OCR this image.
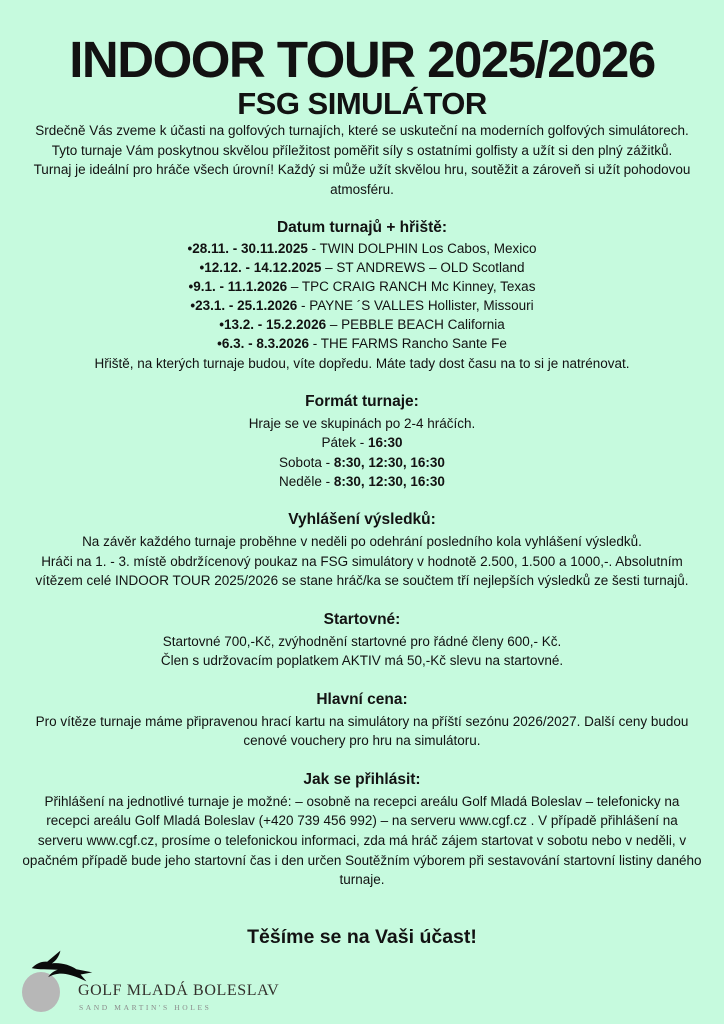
INDOOR TOUR 2025/2026
FSG SIMULÁTOR

Srdečně Vás zveme k účasti na golfových turnajích, které se uskuteční na moderních golfových simulátorech. Tyto turnaje Vám poskytnou skvělou příležitost poměřit síly s ostatními golfisty a užít si den plný zážitků.

Turnaj je ideální pro hráče všech úrovní! Každý si může užít skvělou hru, soutěžit a zároveň si užít pohodovou atmosféru.

Datum turnajů + hřiště:
•28.11. - 30.11.2025 - TWIN DOLPHIN Los Cabos, Mexico
•12.12. - 14.12.2025 – ST ANDREWS – OLD Scotland
•9.1. - 11.1.2026 – TPC CRAIG RANCH Mc Kinney, Texas
•23.1. - 25.1.2026 - PAYNE ´S VALLES Hollister, Missouri
•13.2. - 15.2.2026 – PEBBLE BEACH California
•6.3. - 8.3.2026 - THE FARMS Rancho Sante Fe

Hřiště, na kterých turnaje budou, víte dopředu. Máte tady dost času na to si je natrénovat.

Formát turnaje:

Hraje se ve skupinách po 2-4 hráčích.

Pátek - 16:30
Sobota - 8:30, 12:30, 16:30
Neděle - 8:30, 12:30, 16:30
Vyhlášení výsledků:

Na závěr každého turnaje proběhne v neděli po odehrání posledního kola vyhlášení výsledků.

Hráči na 1. - 3. místě obdržícenový poukaz na FSG simulátory v hodnotě 2.500, 1.500 a 1000,-. Absolutním vítězem celé INDOOR TOUR 2025/2026 se stane hráč/ka se součtem tří nejlepších výsledků ze šesti turnajů.

Startovné:

Startovné 700,-Kč, zvýhodnění startovné pro řádné členy 600,- Kč.

Člen s udržovacím poplatkem AKTIV má 50,-Kč slevu na startovné.

Hlavní cena:

Pro vítěze turnaje máme připravenou hrací kartu na simulátory na příští sezónu 2026/2027. Další ceny budou cenové vouchery pro hru na simulátoru.

Jak se přihlásit:

Přihlášení na jednotlivé turnaje je možné: – osobně na recepci areálu Golf Mladá Boleslav – telefonicky na recepci areálu Golf Mladá Boleslav (+420 739 456 992) – na serveru www.cgf.cz . V případě přihlášení na serveru www.cgf.cz, prosíme o telefonickou informaci, zda má hráč zájem startovat v sobotu nebo v neděli, v opačném případě bude jeho startovní čas i den určen Soutěžním výborem při sestavování startovní listiny daného turnaje.

Těšíme se na Vaši účast!
GOLF MLADÁ BOLESLAV
SAND MARTIN'S HOLES
